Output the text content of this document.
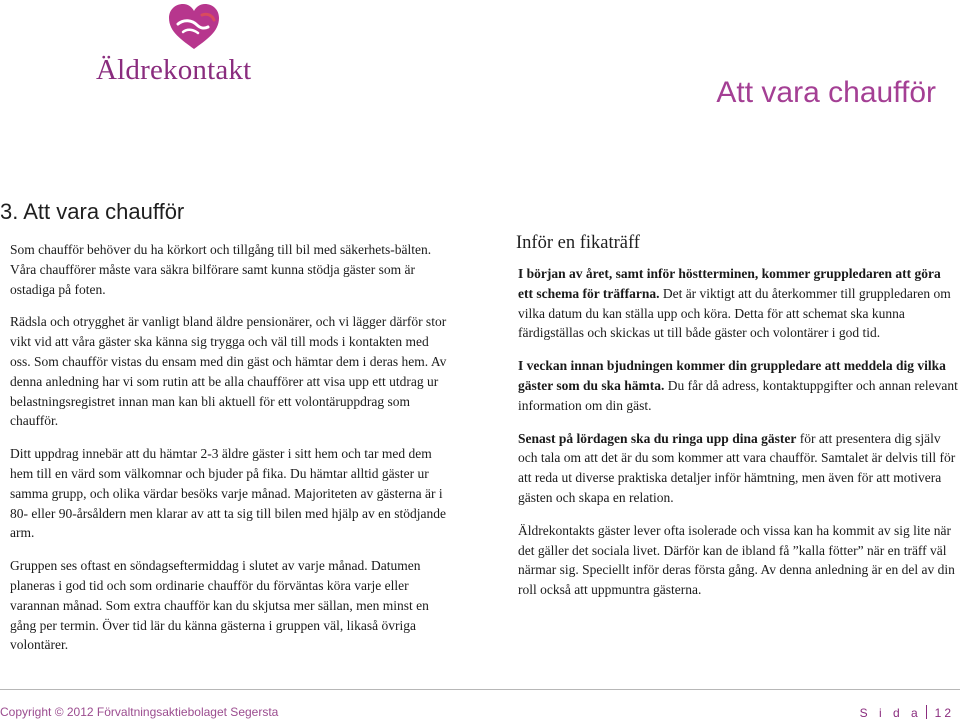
Äldrekontakt
Att vara chaufför
3. Att vara chaufför

Som chaufför behöver du ha körkort och tillgång till bil med säkerhets-bälten. Våra chaufförer måste vara säkra bilförare samt kunna stödja gäster som är ostadiga på foten.

Rädsla och otrygghet är vanligt bland äldre pensionärer, och vi lägger därför stor vikt vid att våra gäster ska känna sig trygga och väl till mods i kontakten med oss. Som chaufför vistas du ensam med din gäst och hämtar dem i deras hem. Av denna anledning har vi som rutin att be alla chaufförer att visa upp ett utdrag ur belastningsregistret innan man kan bli aktuell för ett volontäruppdrag som chaufför.

Ditt uppdrag innebär att du hämtar 2-3 äldre gäster i sitt hem och tar med dem hem till en värd som välkomnar och bjuder på fika. Du hämtar alltid gäster ur samma grupp, och olika värdar besöks varje månad. Majoriteten av gästerna är i 80- eller 90-årsåldern men klarar av att ta sig till bilen med hjälp av en stödjande arm.

Gruppen ses oftast en söndagseftermiddag i slutet av varje månad. Datumen planeras i god tid och som ordinarie chaufför du förväntas köra varje eller varannan månad. Som extra chaufför kan du skjutsa mer sällan, men minst en gång per termin. Över tid lär du känna gästerna i gruppen väl, likaså övriga volontärer.

Inför en fikaträff

I början av året, samt inför höstterminen, kommer gruppledaren att göra ett schema för träffarna. Det är viktigt att du återkommer till gruppledaren om vilka datum du kan ställa upp och köra. Detta för att schemat ska kunna färdigställas och skickas ut till både gäster och volontärer i god tid.

I veckan innan bjudningen kommer din gruppledare att meddela dig vilka gäster som du ska hämta. Du får då adress, kontaktuppgifter och annan relevant information om din gäst.

Senast på lördagen ska du ringa upp dina gäster för att presentera dig själv och tala om att det är du som kommer att vara chaufför. Samtalet är delvis till för att reda ut diverse praktiska detaljer inför hämtning, men även för att motivera gästen och skapa en relation.

Äldrekontakts gäster lever ofta isolerade och vissa kan ha kommit av sig lite när det gäller det sociala livet. Därför kan de ibland få ”kalla fötter” när en träff väl närmar sig. Speciellt inför deras första gång. Av denna anledning är en del av din roll också att uppmuntra gästerna.

Copyright © 2012 Förvaltningsaktiebolaget Segersta	S i d a 12
